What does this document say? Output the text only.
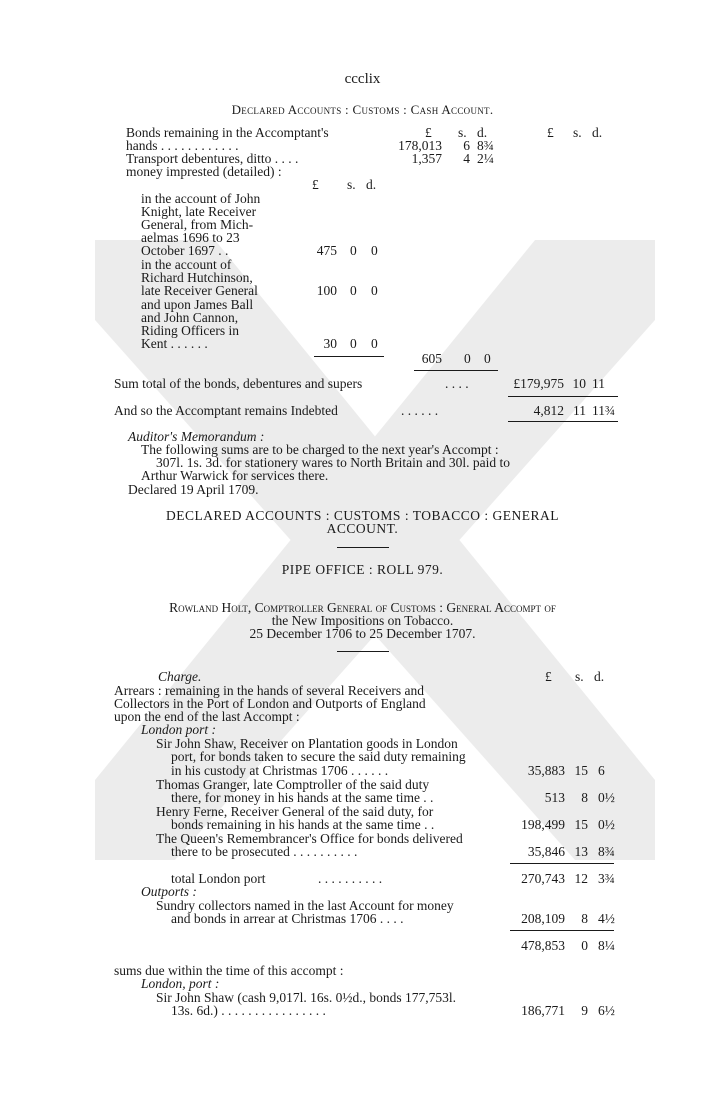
ccclix
Declared Accounts : Customs : Cash Account.
£ s. d.
£ s. d.
Bonds remaining in the Accomptant's
hands . . . . . . . . . . . .	178,013	6 8¾
Transport debentures, ditto . . . .	1,357	4 2¼
money imprested (detailed) :
£ s. d.
in the account of John
Knight, late Receiver
General, from Mich-
aelmas 1696 to 23
October 1697 . .	475 0 0
in the account of
Richard Hutchinson,
late Receiver General	100 0 0
and upon James Ball
and John Cannon,
Riding Officers in
Kent . . . . . .	30 0 0
605 0 0
Sum total of the bonds, debentures and supers	. . . .	£179,975 10 11
And so the Accomptant remains Indebted	. . . . . .	4,812 11 11¾
Auditor's Memorandum :
The following sums are to be charged to the next year's Accompt :
307l. 1s. 3d. for stationery wares to North Britain and 30l. paid to
Arthur Warwick for services there.
Declared 19 April 1709.
DECLARED ACCOUNTS : CUSTOMS : TOBACCO : GENERAL
ACCOUNT.
PIPE OFFICE : ROLL 979.
Rowland Holt, Comptroller General of Customs : General Accompt of
the New Impositions on Tobacco.
25 December 1706 to 25 December 1707.
Charge.	£ s. d.
Arrears : remaining in the hands of several Receivers and
Collectors in the Port of London and Outports of England
upon the end of the last Accompt :
London port :
Sir John Shaw, Receiver on Plantation goods in London
port, for bonds taken to secure the said duty remaining
in his custody at Christmas 1706 . . . . . .	35,883 15 6
Thomas Granger, late Comptroller of the said duty
there, for money in his hands at the same time . .	513	8 0½
Henry Ferne, Receiver General of the said duty, for
bonds remaining in his hands at the same time . .	198,499 15 0½
The Queen's Remembrancer's Office for bonds delivered
there to be prosecuted . . . . . . . . . .	35,846 13 8¾
total London port	. . . . . . . . . .	270,743 12 3¾
Outports :
Sundry collectors named in the last Account for money
and bonds in arrear at Christmas 1706 . . . .	208,109	8 4½
478,853	0 8¼
sums due within the time of this accompt :
London, port :
Sir John Shaw (cash 9,017l. 16s. 0½d., bonds 177,753l.
13s. 6d.) . . . . . . . . . . . . . . . .	186,771	9 6½
